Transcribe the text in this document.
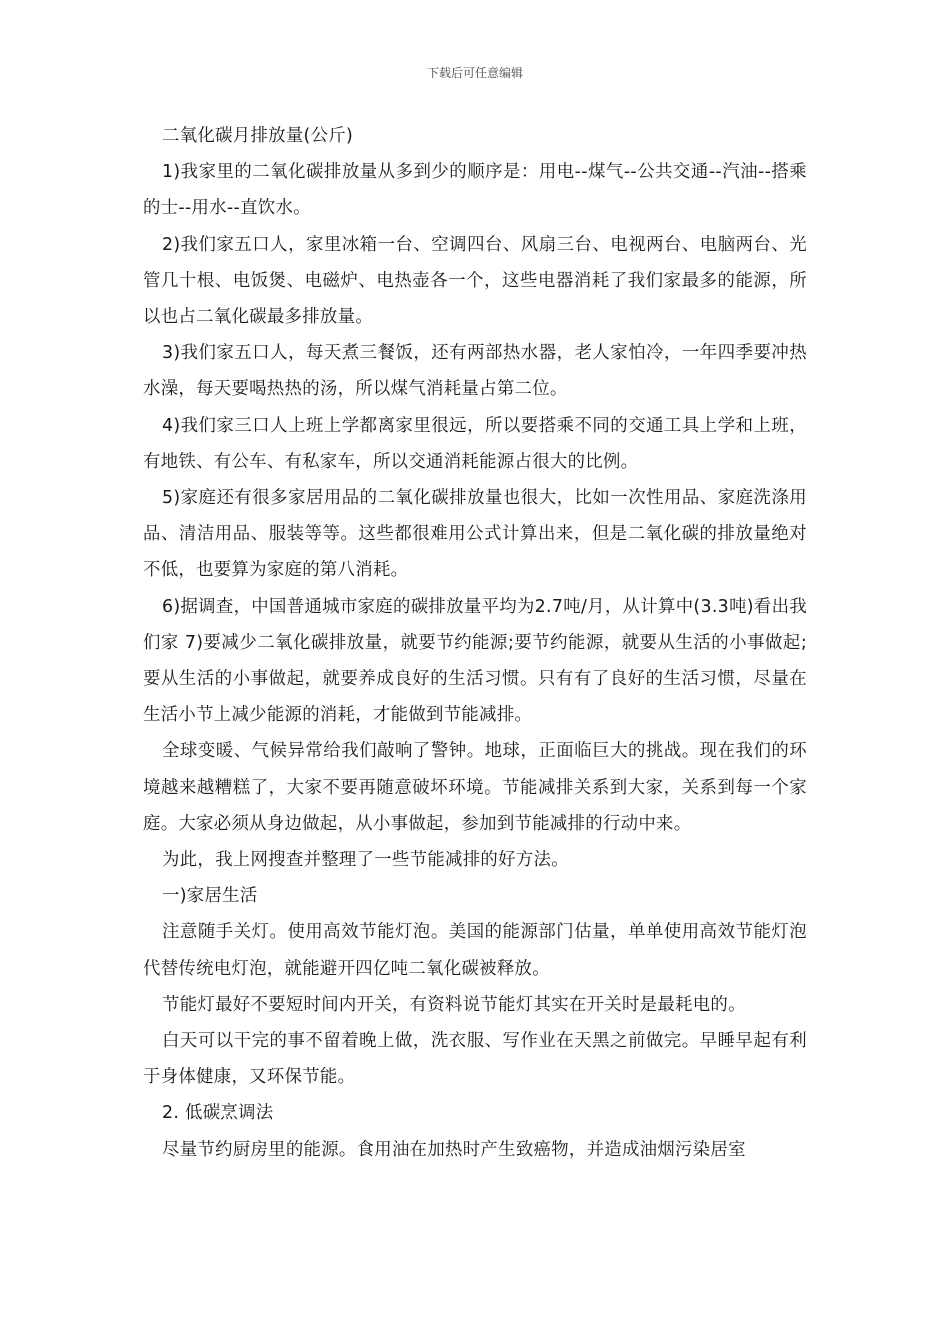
下载后可任意编辑

二氧化碳月排放量(公斤)

1)我家里的二氧化碳排放量从多到少的顺序是：用电--煤气--公共交通--汽油--搭乘的士--用水--直饮水。

2)我们家五口人，家里冰箱一台、空调四台、风扇三台、电视两台、电脑两台、光管几十根、电饭煲、电磁炉、电热壶各一个，这些电器消耗了我们家最多的能源，所以也占二氧化碳最多排放量。

3)我们家五口人，每天煮三餐饭，还有两部热水器，老人家怕冷，一年四季要冲热水澡，每天要喝热热的汤，所以煤气消耗量占第二位。

4)我们家三口人上班上学都离家里很远，所以要搭乘不同的交通工具上学和上班，有地铁、有公车、有私家车，所以交通消耗能源占很大的比例。

5)家庭还有很多家居用品的二氧化碳排放量也很大，比如一次性用品、家庭洗涤用品、清洁用品、服装等等。这些都很难用公式计算出来，但是二氧化碳的排放量绝对不低，也要算为家庭的第八消耗。

6)据调查，中国普通城市家庭的碳排放量平均为2.7吨/月，从计算中(3.3吨)看出我们家 7)要减少二氧化碳排放量，就要节约能源;要节约能源，就要从生活的小事做起;要从生活的小事做起，就要养成良好的生活习惯。只有有了良好的生活习惯，尽量在生活小节上减少能源的消耗，才能做到节能减排。

全球变暖、气候异常给我们敲响了警钟。地球，正面临巨大的挑战。现在我们的环境越来越糟糕了，大家不要再随意破坏环境。节能减排关系到大家，关系到每一个家庭。大家必须从身边做起，从小事做起，参加到节能减排的行动中来。

为此，我上网搜查并整理了一些节能减排的好方法。

一)家居生活

注意随手关灯。使用高效节能灯泡。美国的能源部门估量，单单使用高效节能灯泡代替传统电灯泡，就能避开四亿吨二氧化碳被释放。

节能灯最好不要短时间内开关，有资料说节能灯其实在开关时是最耗电的。

白天可以干完的事不留着晚上做，洗衣服、写作业在天黑之前做完。早睡早起有利于身体健康，又环保节能。

2. 低碳烹调法

尽量节约厨房里的能源。食用油在加热时产生致癌物，并造成油烟污染居室
